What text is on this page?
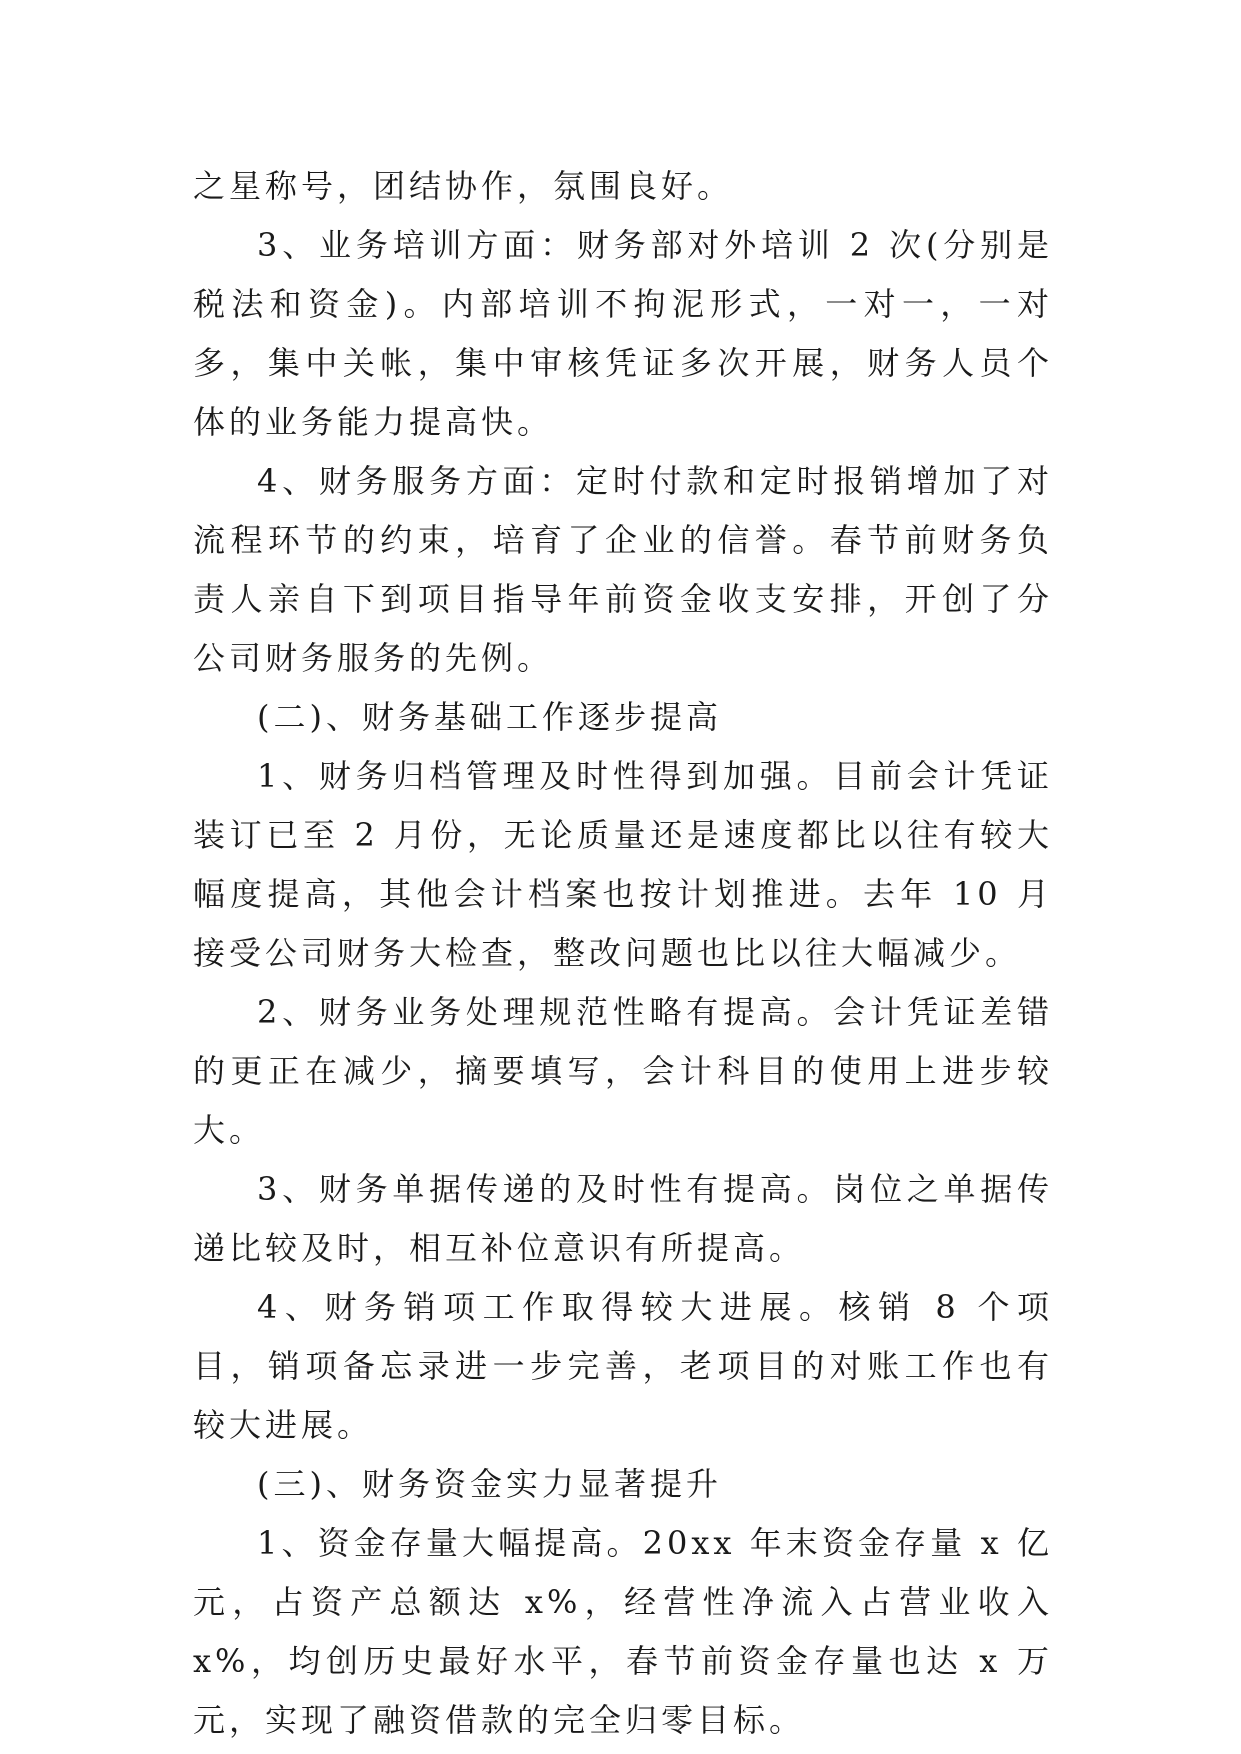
之星称号，团结协作，氛围良好。

3、业务培训方面：财务部对外培训 2 次(分别是税法和资金)。内部培训不拘泥形式，一对一，一对多，集中关帐，集中审核凭证多次开展，财务人员个体的业务能力提高快。

4、财务服务方面：定时付款和定时报销增加了对流程环节的约束，培育了企业的信誉。春节前财务负责人亲自下到项目指导年前资金收支安排，开创了分公司财务服务的先例。

(二)、财务基础工作逐步提高

1、财务归档管理及时性得到加强。目前会计凭证装订已至 2 月份，无论质量还是速度都比以往有较大幅度提高，其他会计档案也按计划推进。去年 10 月接受公司财务大检查，整改问题也比以往大幅减少。

2、财务业务处理规范性略有提高。会计凭证差错的更正在减少，摘要填写，会计科目的使用上进步较大。

3、财务单据传递的及时性有提高。岗位之单据传递比较及时，相互补位意识有所提高。

4、财务销项工作取得较大进展。核销 8 个项目，销项备忘录进一步完善，老项目的对账工作也有较大进展。

(三)、财务资金实力显著提升

1、资金存量大幅提高。20xx 年末资金存量 x 亿元，占资产总额达 x%，经营性净流入占营业收入 x%，均创历史最好水平，春节前资金存量也达 x 万元，实现了融资借款的完全归零目标。
